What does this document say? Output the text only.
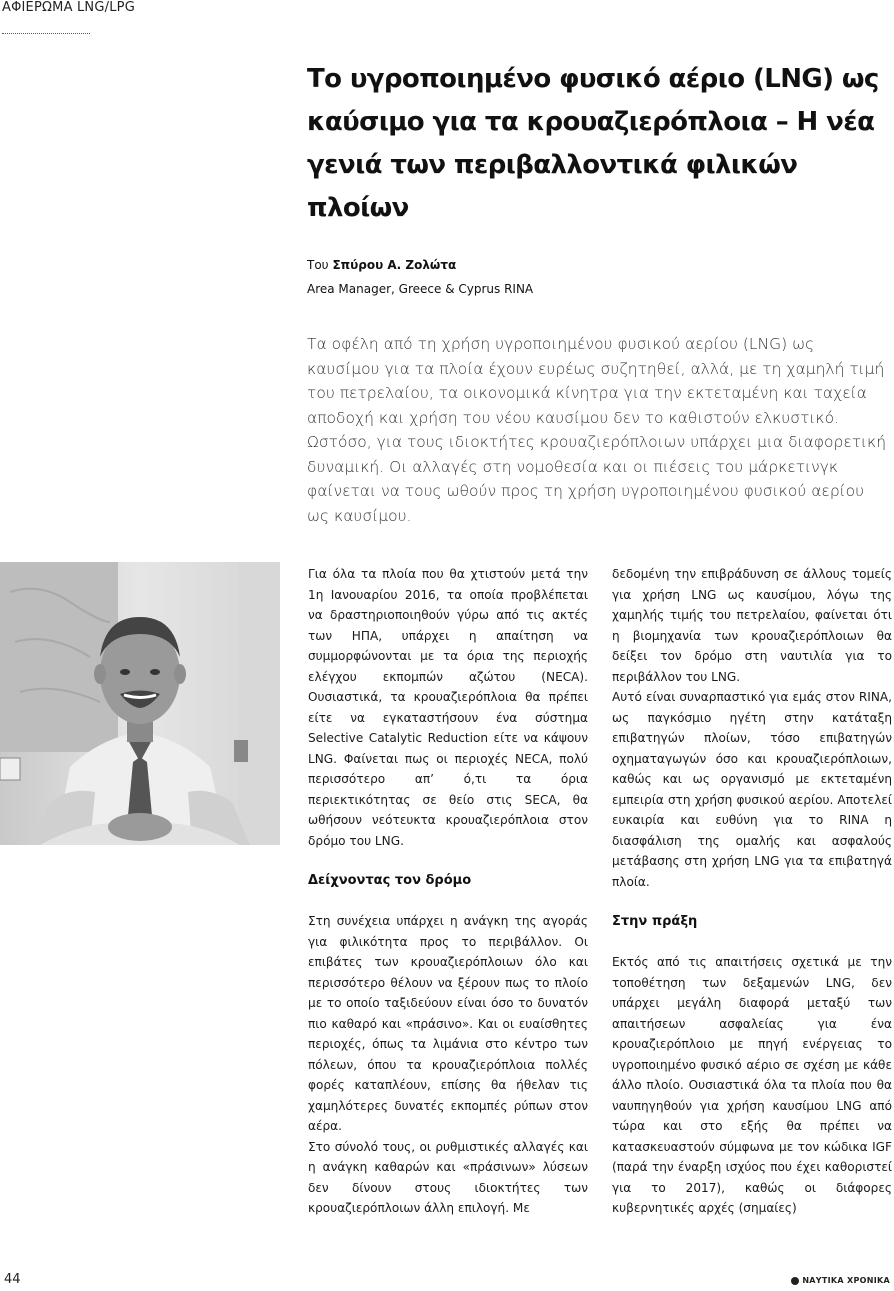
ΑΦΙΕΡΩΜΑ LNG/LPG
Το υγροποιημένο φυσικό αέριο (LNG) ως καύσιμο για τα κρουαζιερόπλοια – Η νέα γενιά των περιβαλλοντικά φιλικών πλοίων
Του Σπύρου Α. Ζολώτα
Area Manager, Greece & Cyprus RINA
Τα οφέλη από τη χρήση υγροποιημένου φυσικού αερίου (LNG) ως καυσίμου για τα πλοία έχουν ευρέως συζητηθεί, αλλά, με τη χαμηλή τιμή του πετρελαίου, τα οικονομικά κίνητρα για την εκτεταμένη και ταχεία αποδοχή και χρήση του νέου καυσίμου δεν το καθιστούν ελκυστικό. Ωστόσο, για τους ιδιοκτήτες κρουαζιερόπλοιων υπάρχει μια διαφορετική δυναμική. Οι αλλαγές στη νομοθεσία και οι πιέσεις του μάρκετινγκ φαίνεται να τους ωθούν προς τη χρήση υγροποιημένου φυσικού αερίου ως καυσίμου.

Για όλα τα πλοία που θα χτιστούν μετά την 1η Ιανουαρίου 2016, τα οποία προβλέπεται να δραστηριοποιηθούν γύρω από τις ακτές των ΗΠΑ, υπάρχει η απαίτηση να συμμορφώνονται με τα όρια της περιοχής ελέγχου εκπομπών αζώτου (NECA). Ουσιαστικά, τα κρουαζιερόπλοια θα πρέπει είτε να εγκαταστήσουν ένα σύστημα Selective Catalytic Reduction είτε να κάψουν LNG. Φαίνεται πως οι περιοχές NECA, πολύ περισσότερο απ’ ό,τι τα όρια περιεκτικότητας σε θείο στις SECA, θα ωθήσουν νεότευκτα κρουαζιερόπλοια στον δρόμο του LNG.

Δείχνοντας τον δρόμο

Στη συνέχεια υπάρχει η ανάγκη της αγοράς για φιλικότητα προς το περιβάλλον. Οι επιβάτες των κρουαζιερόπλοιων όλο και περισσότερο θέλουν να ξέρουν πως το πλοίο με το οποίο ταξιδεύουν είναι όσο το δυνατόν πιο καθαρό και «πράσινο». Και οι ευαίσθητες περιοχές, όπως τα λιμάνια στο κέντρο των πόλεων, όπου τα κρουαζιερόπλοια πολλές φορές καταπλέουν, επίσης θα ήθελαν τις χαμηλότερες δυνατές εκπομπές ρύπων στον αέρα.

Στο σύνολό τους, οι ρυθμιστικές αλλαγές και η ανάγκη καθαρών και «πράσινων» λύσεων δεν δίνουν στους ιδιοκτήτες των κρουαζιερόπλοιων άλλη επιλογή. Με

δεδομένη την επιβράδυνση σε άλλους τομείς για χρήση LNG ως καυσίμου, λόγω της χαμηλής τιμής του πετρελαίου, φαίνεται ότι η βιομηχανία των κρουαζιερόπλοιων θα δείξει τον δρόμο στη ναυτιλία για το περιβάλλον του LNG.

Αυτό είναι συναρπαστικό για εμάς στον RINA, ως παγκόσμιο ηγέτη στην κατάταξη επιβατηγών πλοίων, τόσο επιβατηγών οχηματαγωγών όσο και κρουαζιερόπλοιων, καθώς και ως οργανισμό με εκτεταμένη εμπειρία στη χρήση φυσικού αερίου. Αποτελεί ευκαιρία και ευθύνη για το RINA η διασφάλιση της ομαλής και ασφαλούς μετάβασης στη χρήση LNG για τα επιβατηγά πλοία.

Στην πράξη

Εκτός από τις απαιτήσεις σχετικά με την τοποθέτηση των δεξαμενών LNG, δεν υπάρχει μεγάλη διαφορά μεταξύ των απαιτήσεων ασφαλείας για ένα κρουαζιερόπλοιο με πηγή ενέργειας το υγροποιημένο φυσικό αέριο σε σχέση με κάθε άλλο πλοίο. Ουσιαστικά όλα τα πλοία που θα ναυπηγηθούν για χρήση καυσίμου LNG από τώρα και στο εξής θα πρέπει να κατασκευαστούν σύμφωνα με τον κώδικα IGF (παρά την έναρξη ισχύος που έχει καθοριστεί για το 2017), καθώς οι διάφορες κυβερνητικές αρχές (σημαίες)

44	ΝΑΥΤΙΚΑ ΧΡΟΝΙΚΑ
